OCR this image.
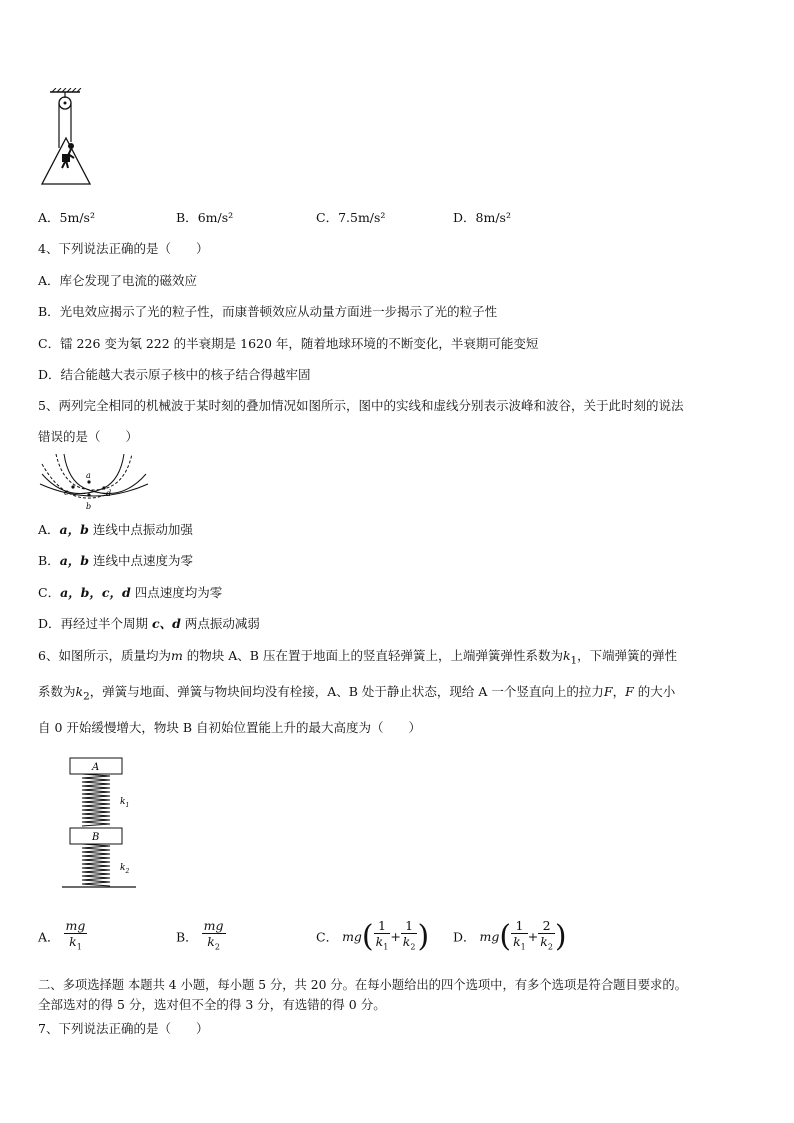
A．5m/s²	B．6m/s²	C．7.5m/s²	D．8m/s²
4、下列说法正确的是（　　）
A．库仑发现了电流的磁效应
B．光电效应揭示了光的粒子性，而康普顿效应从动量方面进一步揭示了光的粒子性
C．镭 226 变为氡 222 的半衰期是 1620 年，随着地球环境的不断变化，半衰期可能变短
D．结合能越大表示原子核中的核子结合得越牢固
5、两列完全相同的机械波于某时刻的叠加情况如图所示，图中的实线和虚线分别表示波峰和波谷，关于此时刻的说法
错误的是（　　）
a
b
c	d
A．a，b 连线中点振动加强
B．a，b 连线中点速度为零
C．a，b，c，d 四点速度均为零
D．再经过半个周期 c、d 两点振动减弱
6、如图所示，质量均为m 的物块 A、B 压在置于地面上的竖直轻弹簧上，上端弹簧弹性系数为$k_1$，下端弹簧的弹性
系数为$k_2$，弹簧与地面、弹簧与物块间均没有栓接，A、B 处于静止状态，现给 A 一个竖直向上的拉力F，F 的大小
自 0 开始缓慢增大，物块 B 自初始位置能上升的最大高度为（　　）
A
$k_1$
B
$k_2$
A． $\frac{mg}{k_1}$	B． $\frac{mg}{k_2}$	C． $mg( \frac{1}{k_1} + \frac{1}{k_2}$ ) D． $mg( \frac{1}{k_1} + \frac{2}{k_2}$ )
二、多项选择题 本题共 4 小题，每小题 5 分，共 20 分。在每小题给出的四个选项中，有多个选项是符合题目要求的。
全部选对的得 5 分，选对但不全的得 3 分，有选错的得 0 分。
7、下列说法正确的是（　　）
